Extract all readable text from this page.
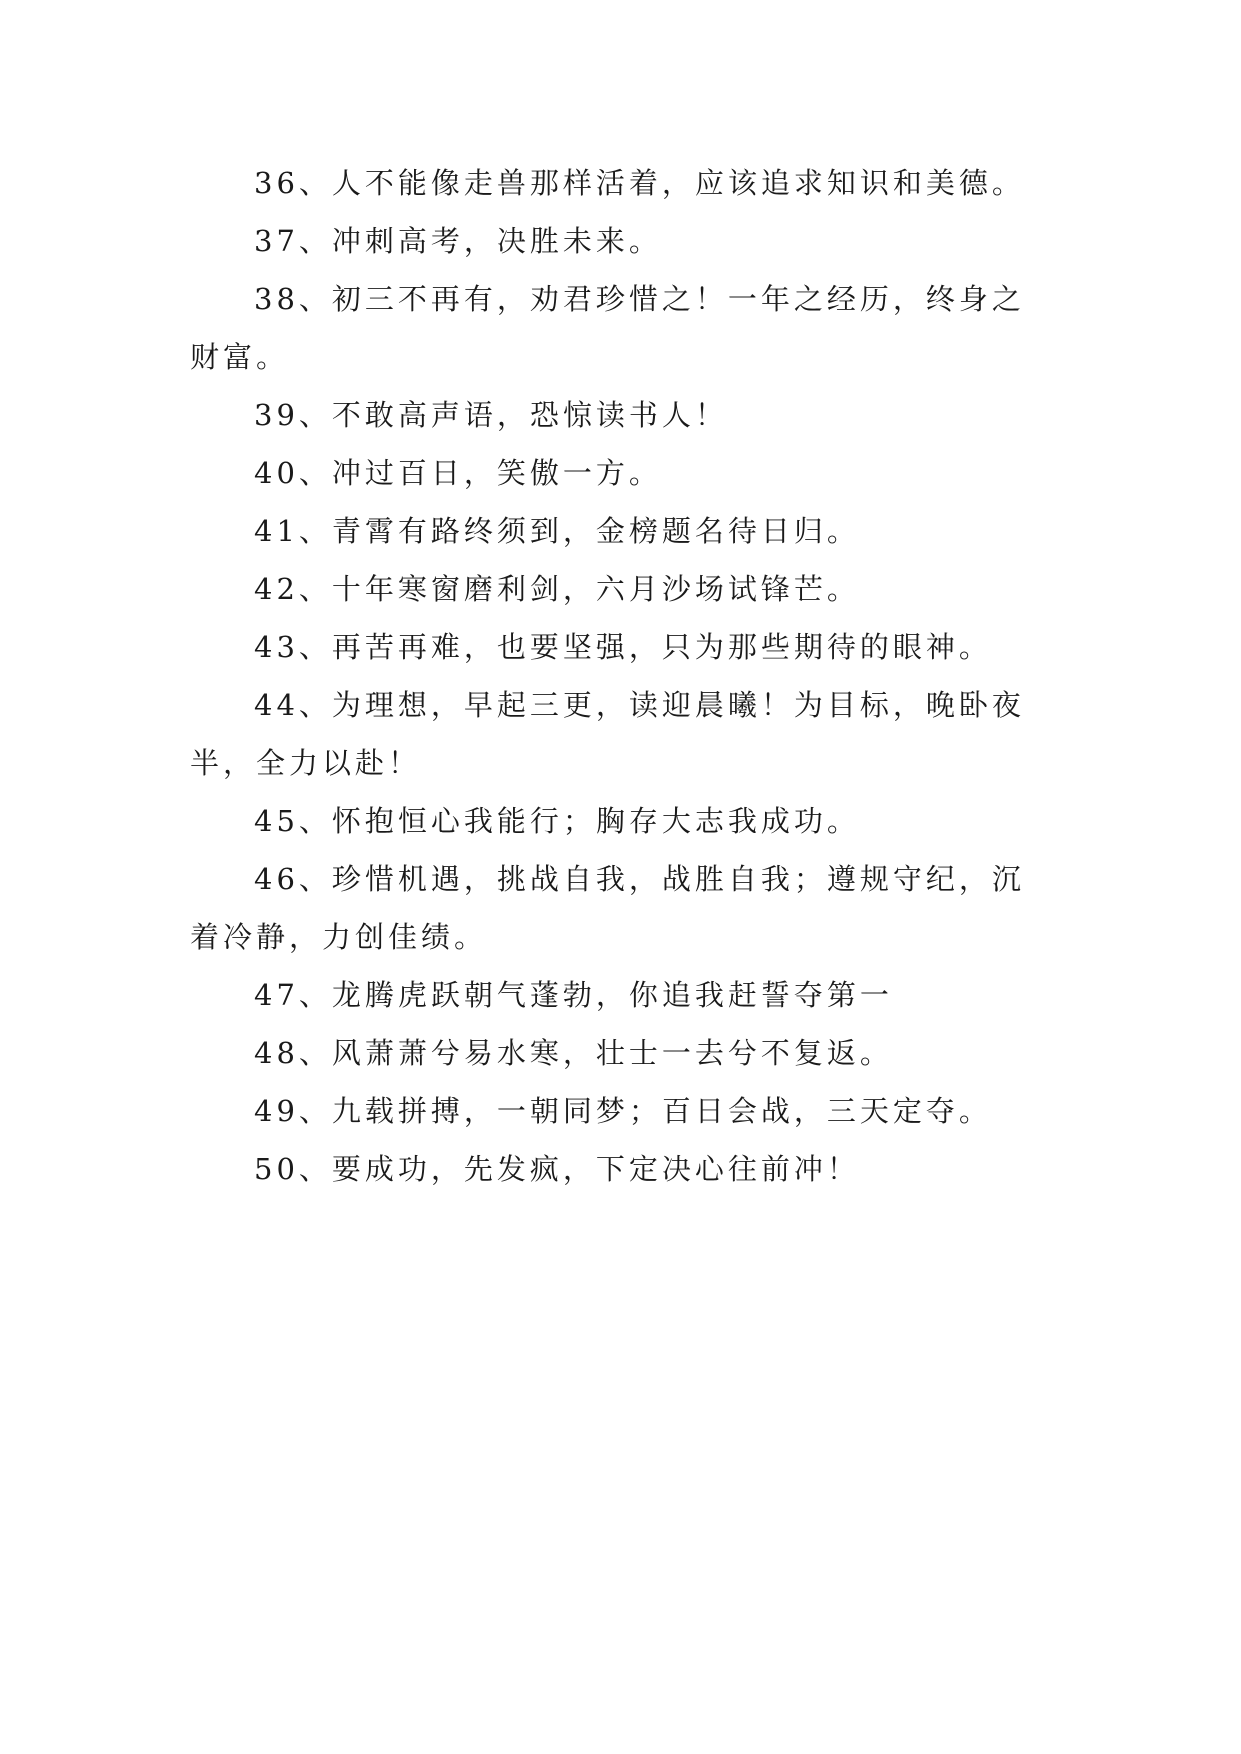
36、人不能像走兽那样活着，应该追求知识和美德。

37、冲刺高考，决胜未来。

38、初三不再有，劝君珍惜之！一年之经历，终身之财富。

39、不敢高声语，恐惊读书人！

40、冲过百日，笑傲一方。

41、青霄有路终须到，金榜题名待日归。

42、十年寒窗磨利剑，六月沙场试锋芒。

43、再苦再难，也要坚强，只为那些期待的眼神。

44、为理想，早起三更，读迎晨曦！为目标，晚卧夜半，全力以赴！

45、怀抱恒心我能行；胸存大志我成功。

46、珍惜机遇，挑战自我，战胜自我；遵规守纪，沉着冷静，力创佳绩。

47、龙腾虎跃朝气蓬勃，你追我赶誓夺第一

48、风萧萧兮易水寒，壮士一去兮不复返。

49、九载拼搏，一朝同梦；百日会战，三天定夺。

50、要成功，先发疯，下定决心往前冲！
